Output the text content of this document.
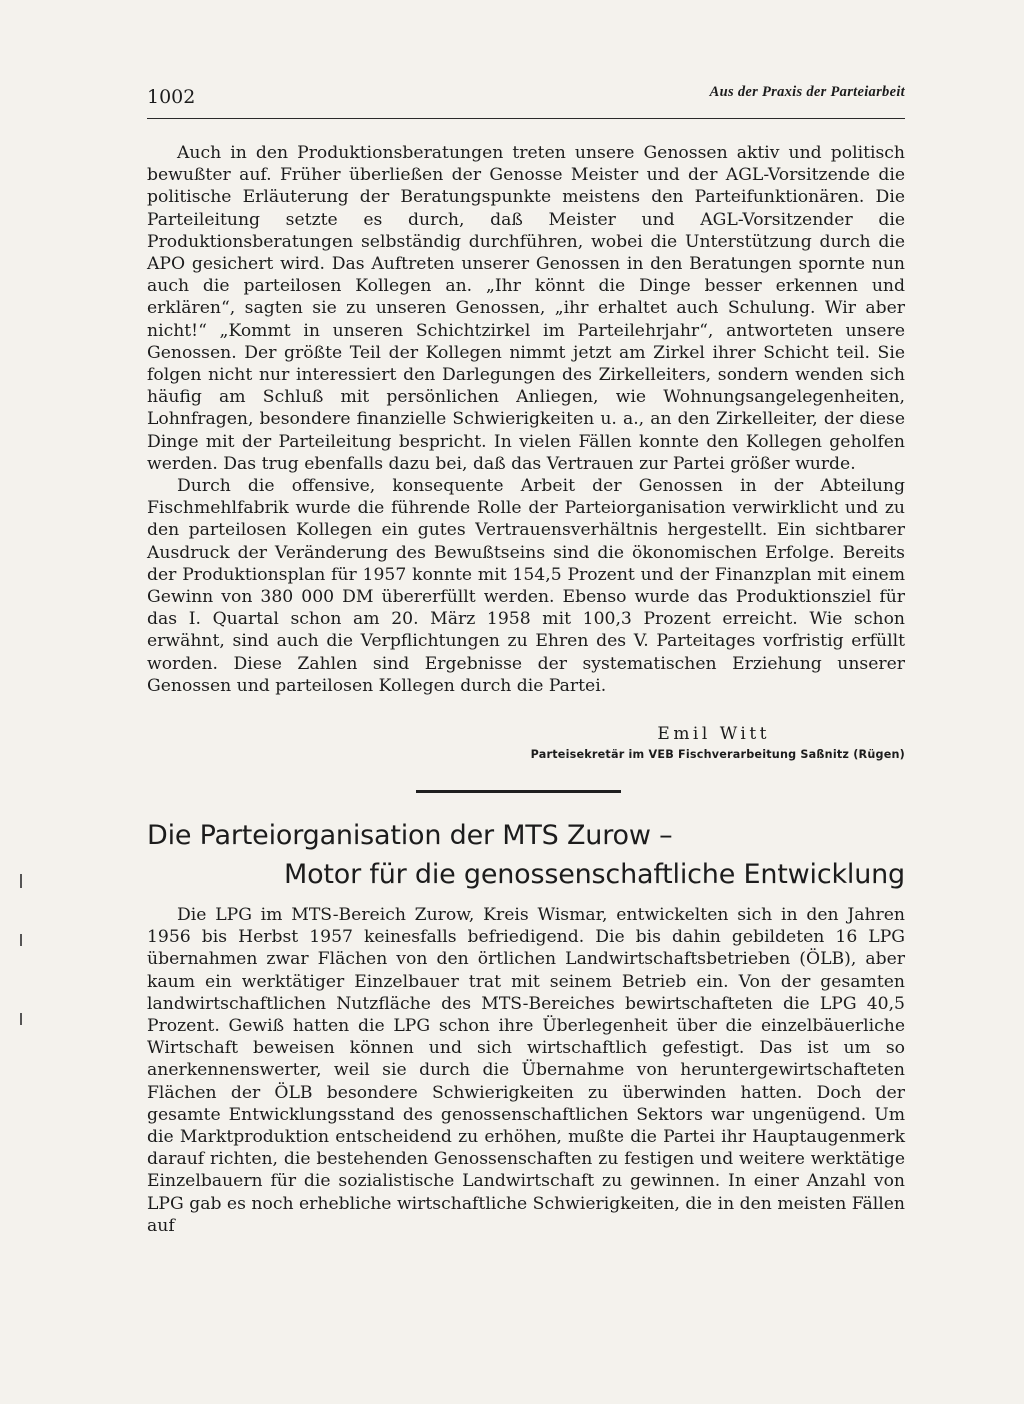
1002	Aus der Praxis der Parteiarbeit

Auch in den Produktionsberatungen treten unsere Genossen aktiv und politisch bewußter auf. Früher überließen der Genosse Meister und der AGL-Vorsitzende die politische Erläuterung der Beratungspunkte meistens den Parteifunktionären. Die Parteileitung setzte es durch, daß Meister und AGL-Vorsitzender die Produktionsberatungen selbständig durchführen, wobei die Unterstützung durch die APO gesichert wird. Das Auftreten unserer Genossen in den Beratungen spornte nun auch die parteilosen Kollegen an. „Ihr könnt die Dinge besser erkennen und erklären“, sagten sie zu unseren Genossen, „ihr erhaltet auch Schulung. Wir aber nicht!“ „Kommt in unseren Schichtzirkel im Parteilehrjahr“, antworteten unsere Genossen. Der größte Teil der Kollegen nimmt jetzt am Zirkel ihrer Schicht teil. Sie folgen nicht nur interessiert den Darlegungen des Zirkelleiters, sondern wenden sich häufig am Schluß mit persönlichen Anliegen, wie Wohnungsangelegenheiten, Lohnfragen, besondere finanzielle Schwierigkeiten u. a., an den Zirkelleiter, der diese Dinge mit der Parteileitung bespricht. In vielen Fällen konnte den Kollegen geholfen werden. Das trug ebenfalls dazu bei, daß das Vertrauen zur Partei größer wurde.

Durch die offensive, konsequente Arbeit der Genossen in der Abteilung Fischmehlfabrik wurde die führende Rolle der Parteiorganisation verwirklicht und zu den parteilosen Kollegen ein gutes Vertrauensverhältnis hergestellt. Ein sichtbarer Ausdruck der Veränderung des Bewußtseins sind die ökonomischen Erfolge. Bereits der Produktionsplan für 1957 konnte mit 154,5 Prozent und der Finanzplan mit einem Gewinn von 380 000 DM übererfüllt werden. Ebenso wurde das Produktionsziel für das I. Quartal schon am 20. März 1958 mit 100,3 Prozent erreicht. Wie schon erwähnt, sind auch die Verpflichtungen zu Ehren des V. Parteitages vorfristig erfüllt worden. Diese Zahlen sind Ergebnisse der systematischen Erziehung unserer Genossen und parteilosen Kollegen durch die Partei.

Emil Witt
Parteisekretär im VEB Fischverarbeitung Saßnitz (Rügen)
Die Parteiorganisation der MTS Zurow –
Motor für die genossenschaftliche Entwicklung

Die LPG im MTS-Bereich Zurow, Kreis Wismar, entwickelten sich in den Jahren 1956 bis Herbst 1957 keinesfalls befriedigend. Die bis dahin gebildeten 16 LPG übernahmen zwar Flächen von den örtlichen Landwirtschaftsbetrieben (ÖLB), aber kaum ein werktätiger Einzelbauer trat mit seinem Betrieb ein. Von der gesamten landwirtschaftlichen Nutzfläche des MTS-Bereiches bewirtschafteten die LPG 40,5 Prozent. Gewiß hatten die LPG schon ihre Überlegenheit über die einzelbäuerliche Wirtschaft beweisen können und sich wirtschaftlich gefestigt. Das ist um so anerkennenswerter, weil sie durch die Übernahme von heruntergewirtschafteten Flächen der ÖLB besondere Schwierigkeiten zu überwinden hatten. Doch der gesamte Entwicklungsstand des genossenschaftlichen Sektors war ungenügend. Um die Marktproduktion entscheidend zu erhöhen, mußte die Partei ihr Hauptaugenmerk darauf richten, die bestehenden Genossenschaften zu festigen und weitere werktätige Einzelbauern für die sozialistische Landwirtschaft zu gewinnen. In einer Anzahl von LPG gab es noch erhebliche wirtschaftliche Schwierigkeiten, die in den meisten Fällen auf
